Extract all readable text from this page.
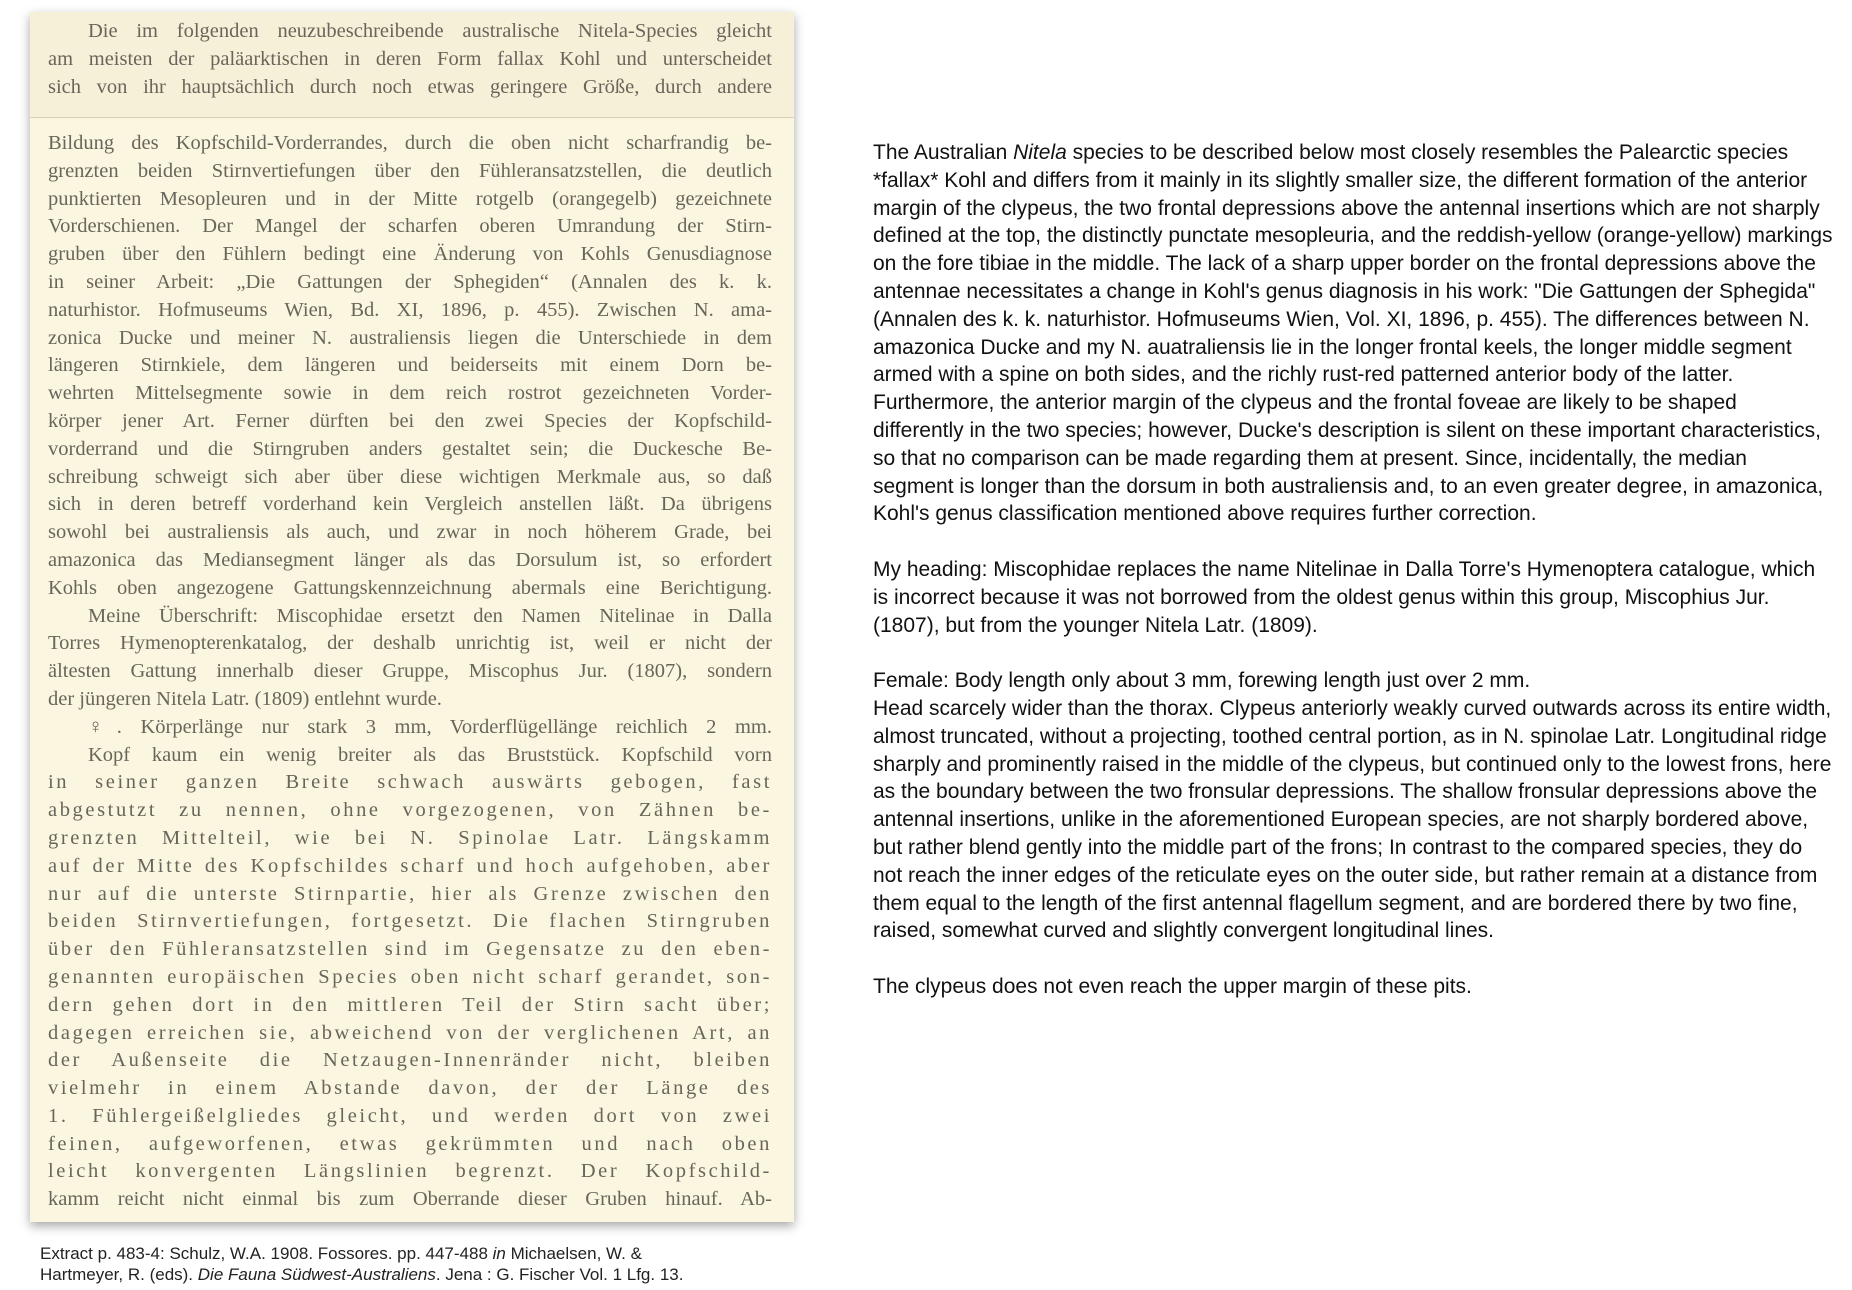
Die im folgenden neuzubeschreibende australische Nitela-Species gleicht
am meisten der paläarktischen in deren Form fallax Kohl und unterscheidet
sich von ihr hauptsächlich durch noch etwas geringere Größe, durch andere
Bildung des Kopfschild-Vorderrandes, durch die oben nicht scharfrandig be-
grenzten beiden Stirnvertiefungen über den Fühleransatzstellen, die deutlich
punktierten Mesopleuren und in der Mitte rotgelb (orangegelb) gezeichnete
Vorderschienen. Der Mangel der scharfen oberen Umrandung der Stirn-
gruben über den Fühlern bedingt eine Änderung von Kohls Genusdiagnose
in seiner Arbeit: „Die Gattungen der Sphegiden“ (Annalen des k. k.
naturhistor. Hofmuseums Wien, Bd. XI, 1896, p. 455). Zwischen N. ama-
zonica Ducke und meiner N. australiensis liegen die Unterschiede in dem
längeren Stirnkiele, dem längeren und beiderseits mit einem Dorn be-
wehrten Mittelsegmente sowie in dem reich rostrot gezeichneten Vorder-
körper jener Art. Ferner dürften bei den zwei Species der Kopfschild-
vorderrand und die Stirngruben anders gestaltet sein; die Duckesche Be-
schreibung schweigt sich aber über diese wichtigen Merkmale aus, so daß
sich in deren betreff vorderhand kein Vergleich anstellen läßt. Da übrigens
sowohl bei australiensis als auch, und zwar in noch höherem Grade, bei
amazonica das Mediansegment länger als das Dorsulum ist, so erfordert
Kohls oben angezogene Gattungskennzeichnung abermals eine Berichtigung.
Meine Überschrift: Miscophidae ersetzt den Namen Nitelinae in Dalla
Torres Hymenopterenkatalog, der deshalb unrichtig ist, weil er nicht der
ältesten Gattung innerhalb dieser Gruppe, Miscophus Jur. (1807), sondern
der jüngeren Nitela Latr. (1809) entlehnt wurde.
♀. Körperlänge nur stark 3 mm, Vorderflügellänge reichlich 2 mm.
Kopf kaum ein wenig breiter als das Bruststück. Kopfschild vorn
in seiner ganzen Breite schwach auswärts gebogen, fast
abgestutzt zu nennen, ohne vorgezogenen, von Zähnen be-
grenzten Mittelteil, wie bei N. Spinolae Latr. Längskamm
auf der Mitte des Kopfschildes scharf und hoch aufgehoben, aber
nur auf die unterste Stirnpartie, hier als Grenze zwischen den
beiden Stirnvertiefungen, fortgesetzt. Die flachen Stirngruben
über den Fühleransatzstellen sind im Gegensatze zu den eben-
genannten europäischen Species oben nicht scharf gerandet, son-
dern gehen dort in den mittleren Teil der Stirn sacht über;
dagegen erreichen sie, abweichend von der verglichenen Art, an
der Außenseite die Netzaugen-Innenränder nicht, bleiben
vielmehr in einem Abstande davon, der der Länge des
1. Fühlergeißelgliedes gleicht, und werden dort von zwei
feinen, aufgeworfenen, etwas gekrümmten und nach oben
leicht konvergenten Längslinien begrenzt. Der Kopfschild-
kamm reicht nicht einmal bis zum Oberrande dieser Gruben hinauf. Ab-
Extract p. 483-4: Schulz, W.A. 1908. Fossores. pp. 447-488 in Michaelsen, W. &
Hartmeyer, R. (eds). Die Fauna Südwest-Australiens. Jena : G. Fischer Vol. 1 Lfg. 13.

The Australian Nitela species to be described below most closely resembles the Palearctic species *fallax* Kohl and differs from it mainly in its slightly smaller size, the different formation of the anterior margin of the clypeus, the two frontal depressions above the antennal insertions which are not sharply defined at the top, the distinctly punctate mesopleuria, and the reddish-yellow (orange-yellow) markings on the fore tibiae in the middle. The lack of a sharp upper border on the frontal depressions above the antennae necessitates a change in Kohl's genus diagnosis in his work: "Die Gattungen der Sphegida" (Annalen des k. k. naturhistor. Hofmuseums Wien, Vol. XI, 1896, p. 455). The differences between N. amazonica Ducke and my N. auatraliensis lie in the longer frontal keels, the longer middle segment armed with a spine on both sides, and the richly rust-red patterned anterior body of the latter. Furthermore, the anterior margin of the clypeus and the frontal foveae are likely to be shaped differently in the two species; however, Ducke's description is silent on these important characteristics, so that no comparison can be made regarding them at present. Since, incidentally, the median segment is longer than the dorsum in both australiensis and, to an even greater degree, in amazonica, Kohl's genus classification mentioned above requires further correction.

My heading: Miscophidae replaces the name Nitelinae in Dalla Torre's Hymenoptera catalogue, which is incorrect because it was not borrowed from the oldest genus within this group, Miscophius Jur. (1807), but from the younger Nitela Latr. (1809).

Female: Body length only about 3 mm, forewing length just over 2 mm.

Head scarcely wider than the thorax. Clypeus anteriorly weakly curved outwards across its entire width, almost truncated, without a projecting, toothed central portion, as in N. spinolae Latr. Longitudinal ridge sharply and prominently raised in the middle of the clypeus, but continued only to the lowest frons, here as the boundary between the two fronsular depressions. The shallow fronsular depressions above the antennal insertions, unlike in the aforementioned European species, are not sharply bordered above, but rather blend gently into the middle part of the frons; In contrast to the compared species, they do not reach the inner edges of the reticulate eyes on the outer side, but rather remain at a distance from them equal to the length of the first antennal flagellum segment, and are bordered there by two fine, raised, somewhat curved and slightly convergent longitudinal lines.

The clypeus does not even reach the upper margin of these pits.
